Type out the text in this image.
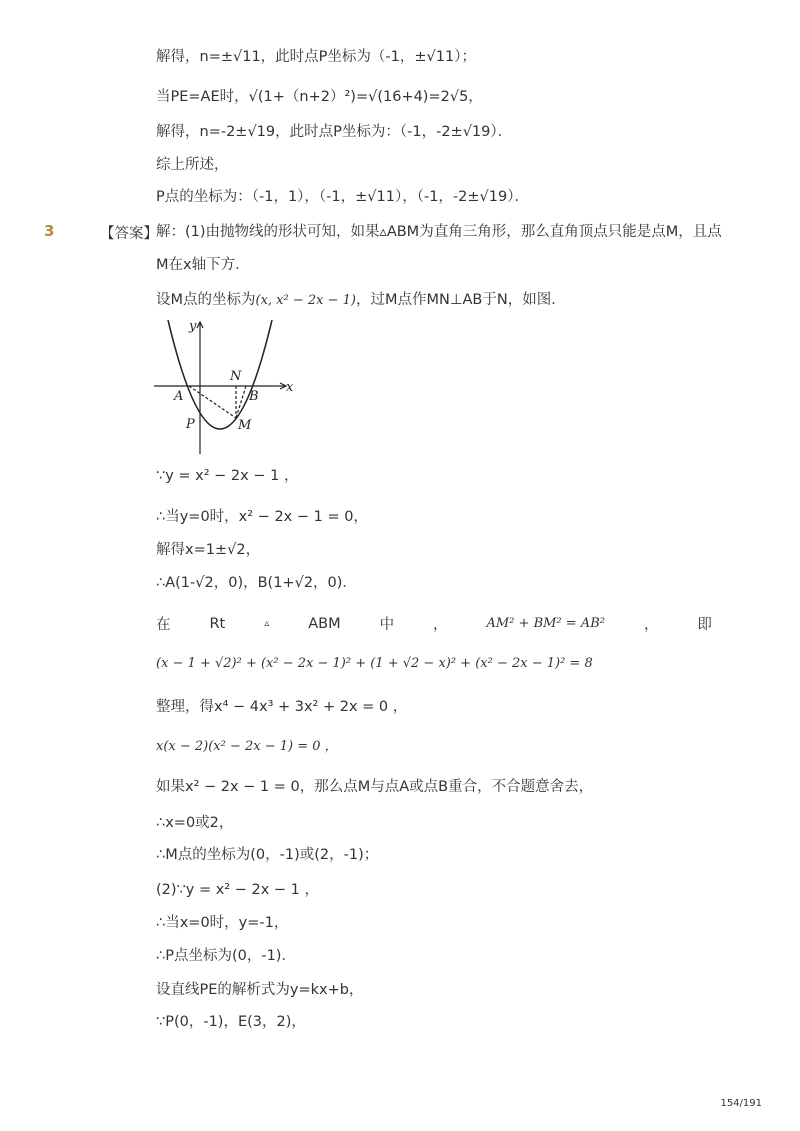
解得，n=±√11，此时点P坐标为（-1，±√11）；
当PE=AE时，√(1+（n+2）²)=√(16+4)=2√5，
解得，n=-2±√19，此时点P坐标为：（-1，-2±√19）．
综上所述，
P点的坐标为：（-1，1），（-1，±√11），（-1，-2±√19）．
3	【答案】
解：(1)由抛物线的形状可知，如果▵ABM为直角三角形，那么直角顶点只能是点M，且点
M在x轴下方．
设M点的坐标为(x, x² − 2x − 1)，过M点作MN⊥AB于N，如图．
y
x
N
A	B
P	M
∵y = x² − 2x − 1 ，
∴当y=0时，x² − 2x − 1 = 0，
解得x=1±√2，
∴A(1-√2，0)，B(1+√2，0)．
在	Rt	▵	ABM	中	，	AM² + BM² = AB²	，	即
(x − 1 + √2)² + (x² − 2x − 1)² + (1 + √2 − x)² + (x² − 2x − 1)² = 8
整理，得x⁴ − 4x³ + 3x² + 2x = 0 ，
x(x − 2)(x² − 2x − 1) = 0 ，
如果x² − 2x − 1 = 0，那么点M与点A或点B重合，不合题意舍去，
∴x=0或2，
∴M点的坐标为(0，-1)或(2，-1)；
(2)∵y = x² − 2x − 1 ，
∴当x=0时，y=-1，
∴P点坐标为(0，-1)．
设直线PE的解析式为y=kx+b，
∵P(0，-1)，E(3，2)，
154/191
